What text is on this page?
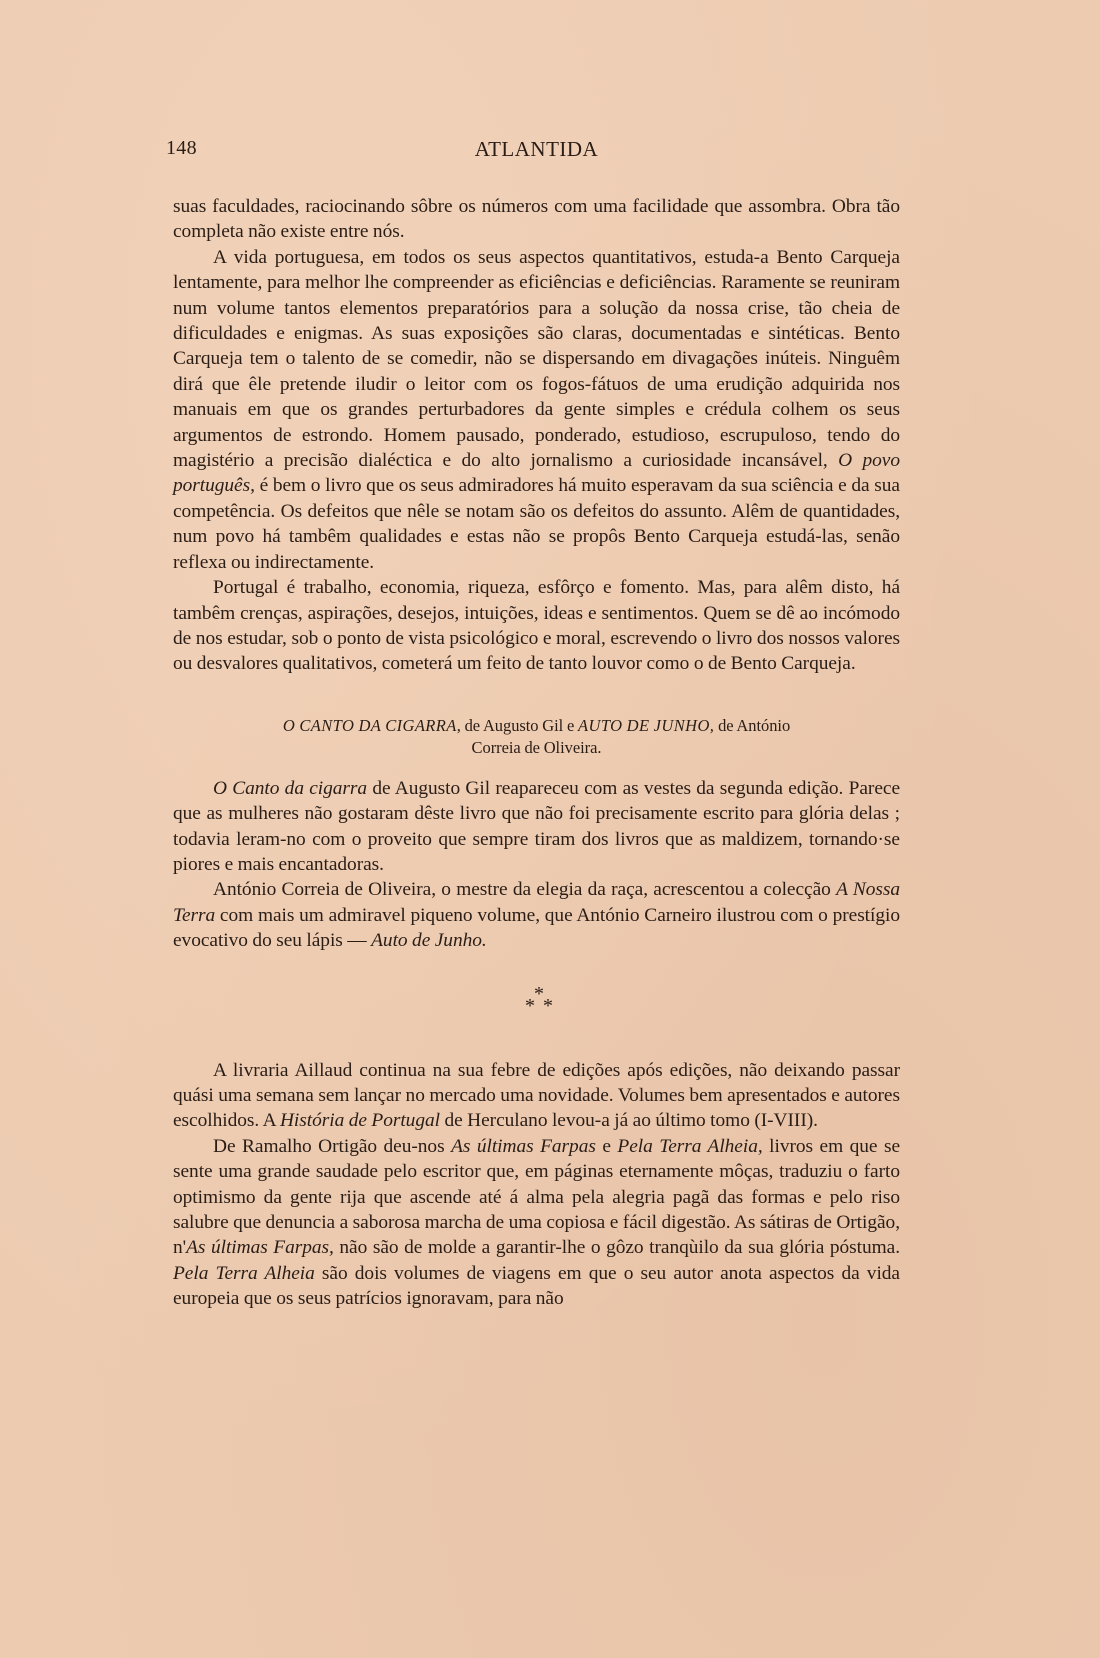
148	ATLANTIDA

suas faculdades, raciocinando sôbre os números com uma facilidade que assombra. Obra tão completa não existe entre nós.

A vida portuguesa, em todos os seus aspectos quantitativos, estuda-a Bento Carqueja lentamente, para melhor lhe compreender as eficiências e deficiências. Raramente se reuniram num volume tantos elementos preparatórios para a solução da nossa crise, tão cheia de dificuldades e enigmas. As suas exposições são claras, documentadas e sintéticas. Bento Carqueja tem o talento de se comedir, não se dispersando em divagações inúteis. Ninguêm dirá que êle pretende iludir o leitor com os fogos-fátuos de uma erudição adquirida nos manuais em que os grandes perturbadores da gente simples e crédula colhem os seus argumentos de estrondo. Homem pausado, ponderado, estudioso, escrupuloso, tendo do magistério a precisão dialéctica e do alto jornalismo a curiosidade incansável, O povo português, é bem o livro que os seus admiradores há muito esperavam da sua sciência e da sua competência. Os defeitos que nêle se notam são os defeitos do assunto. Alêm de quantidades, num povo há tambêm qualidades e estas não se propôs Bento Carqueja estudá-las, senão reflexa ou indirectamente.

Portugal é trabalho, economia, riqueza, esfôrço e fomento. Mas, para alêm disto, há tambêm crenças, aspirações, desejos, intuições, ideas e sentimentos. Quem se dê ao incómodo de nos estudar, sob o ponto de vista psicológico e moral, escrevendo o livro dos nossos valores ou desvalores qualitativos, cometerá um feito de tanto louvor como o de Bento Carqueja.

O CANTO DA CIGARRA, de Augusto Gil e AUTO DE JUNHO, de António
Correia de Oliveira.

O Canto da cigarra de Augusto Gil reapareceu com as vestes da segunda edição. Parece que as mulheres não gostaram dêste livro que não foi precisamente escrito para glória delas ; todavia leram-no com o proveito que sempre tiram dos livros que as maldizem, tornando·se piores e mais encantadoras.

António Correia de Oliveira, o mestre da elegia da raça, acrescentou a colecção A Nossa Terra com mais um admiravel piqueno volume, que António Carneiro ilustrou com o prestígio evocativo do seu lápis — Auto de Junho.

*
*
*

A livraria Aillaud continua na sua febre de edições após edições, não deixando passar quási uma semana sem lançar no mercado uma novidade. Volumes bem apresentados e autores escolhidos. A História de Portugal de Herculano levou-a já ao último tomo (I-VIII).

De Ramalho Ortigão deu-nos As últimas Farpas e Pela Terra Alheia, livros em que se sente uma grande saudade pelo escritor que, em páginas eternamente môças, traduziu o farto optimismo da gente rija que ascende até á alma pela alegria pagã das formas e pelo riso salubre que denuncia a saborosa marcha de uma copiosa e fácil digestão. As sátiras de Ortigão, n'As últimas Farpas, não são de molde a garantir-lhe o gôzo tranqùilo da sua glória póstuma. Pela Terra Alheia são dois volumes de viagens em que o seu autor anota aspectos da vida europeia que os seus patrícios ignoravam, para não
